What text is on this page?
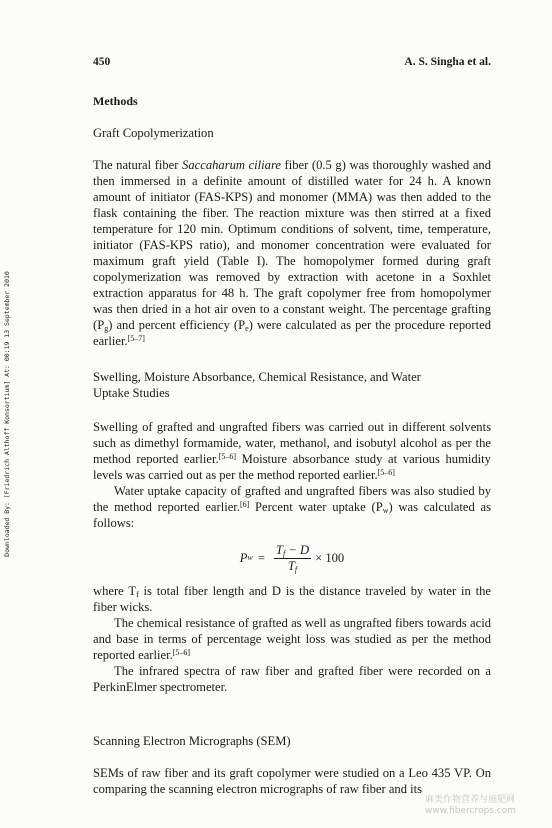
Downloaded By: [Friedrich Althoff Konsortium] At: 00:19 13 September 2010
450	A. S. Singha et al.
Methods
Graft Copolymerization

The natural fiber Saccaharum ciliare fiber (0.5 g) was thoroughly washed and then immersed in a definite amount of distilled water for 24 h. A known amount of initiator (FAS-KPS) and monomer (MMA) was then added to the flask containing the fiber. The reaction mixture was then stirred at a fixed temperature for 120 min. Optimum conditions of solvent, time, temperature, initiator (FAS-KPS ratio), and monomer concentration were evaluated for maximum graft yield (Table I). The homopolymer formed during graft copolymerization was removed by extraction with acetone in a Soxhlet extraction apparatus for 48 h. The graft copolymer free from homopolymer was then dried in a hot air oven to a constant weight. The percentage grafting $(P_g)$ and percent efficiency $(P_e)$ were calculated as per the procedure reported earlier.[5–7]

Swelling, Moisture Absorbance, Chemical Resistance, and Water
Uptake Studies

Swelling of grafted and ungrafted fibers was carried out in different solvents such as dimethyl formamide, water, methanol, and isobutyl alcohol as per the method reported earlier.[5–6] Moisture absorbance study at various humidity levels was carried out as per the method reported earlier.[5–6]

Water uptake capacity of grafted and ungrafted fibers was also studied by the method reported earlier.[6] Percent water uptake $(P_w)$ was calculated as follows:

P $w = \frac{T_f - D}{T_f} \times 100$

where $T_f$ is total fiber length and D is the distance traveled by water in the fiber wicks.

The chemical resistance of grafted as well as ungrafted fibers towards acid and base in terms of percentage weight loss was studied as per the method reported earlier.[5–6]

The infrared spectra of raw fiber and grafted fiber were recorded on a PerkinElmer spectrometer.

Scanning Electron Micrographs (SEM)

SEMs of raw fiber and its graft copolymer were studied on a Leo 435 VP. On comparing the scanning electron micrographs of raw fiber and its

麻类作物营养与施肥网
www.fibercrops.com
